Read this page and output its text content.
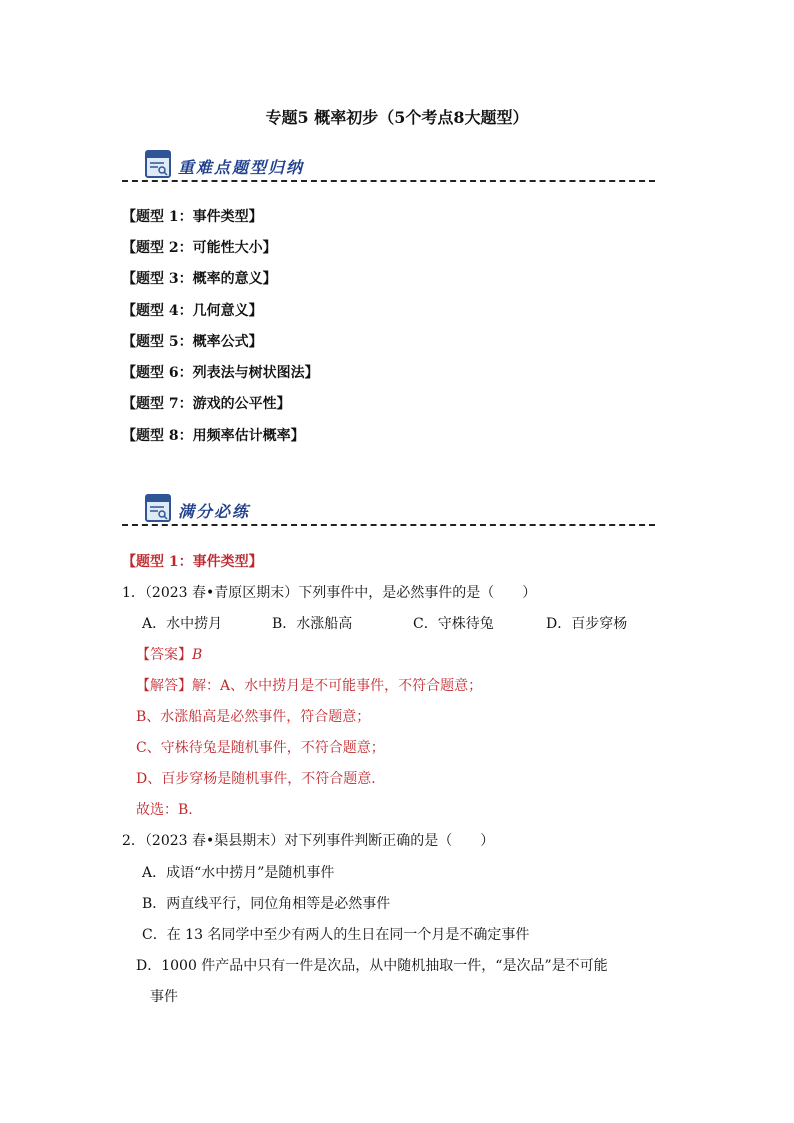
专题5 概率初步（5个考点8大题型）
重难点题型归纳
【题型 1：事件类型】
【题型 2：可能性大小】
【题型 3：概率的意义】
【题型 4：几何意义】
【题型 5：概率公式】
【题型 6：列表法与树状图法】
【题型 7：游戏的公平性】
【题型 8：用频率估计概率】
满分必练
【题型 1：事件类型】
1．（2023 春•青原区期末）下列事件中，是必然事件的是（　　）
A．水中捞月	B．水涨船高	C．守株待兔	D．百步穿杨
【答案】B
【解答】解：A、水中捞月是不可能事件，不符合题意；
B、水涨船高是必然事件，符合题意；
C、守株待兔是随机事件，不符合题意；
D、百步穿杨是随机事件，不符合题意.
故选：B.
2．（2023 春•渠县期末）对下列事件判断正确的是（　　）
A．成语“水中捞月”是随机事件
B．两直线平行，同位角相等是必然事件
C．在 13 名同学中至少有两人的生日在同一个月是不确定事件
D．1000 件产品中只有一件是次品，从中随机抽取一件，“是次品”是不可能
事件
